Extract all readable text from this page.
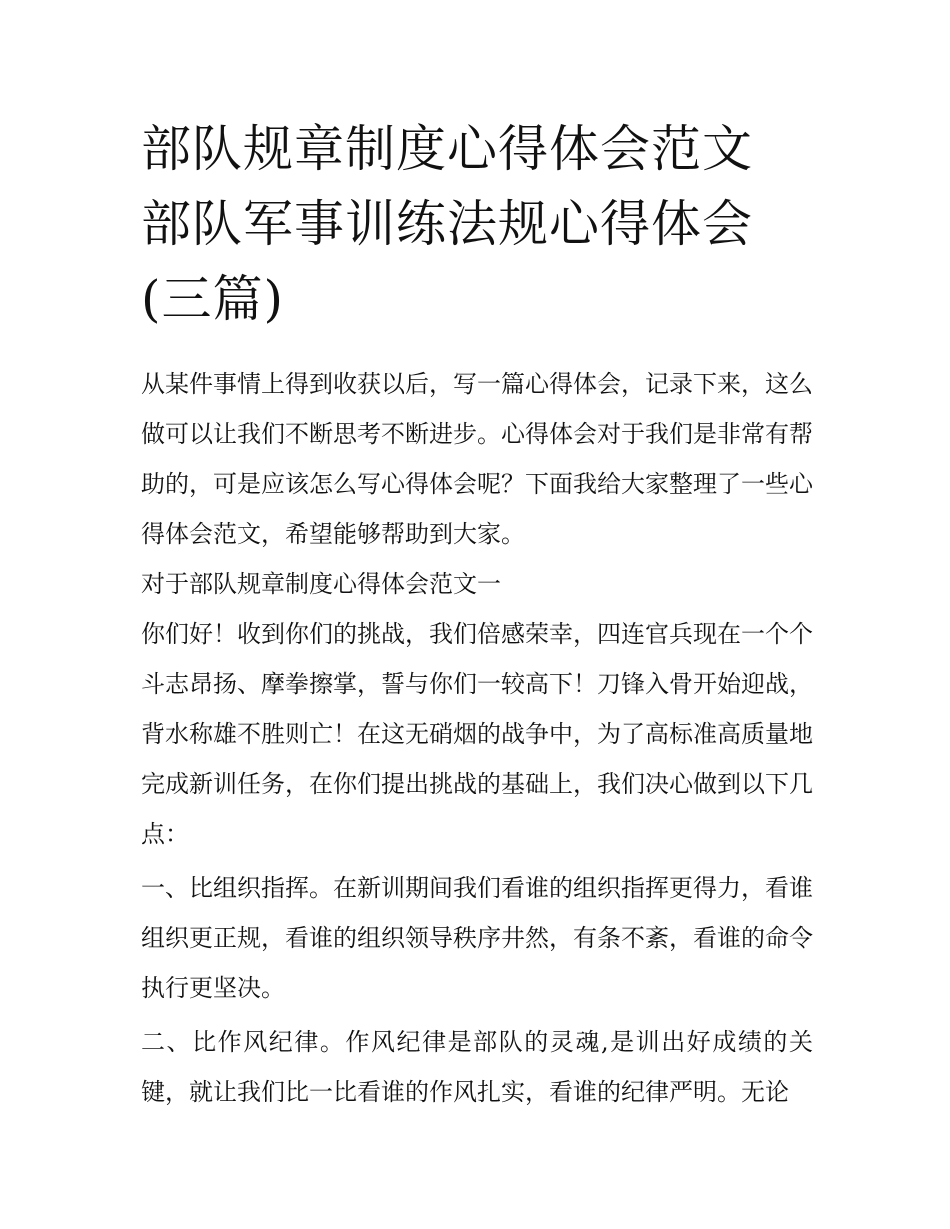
部队规章制度心得体会范文 部队军事训练法规心得体会(三篇)

从某件事情上得到收获以后，写一篇心得体会，记录下来，这么做可以让我们不断思考不断进步。心得体会对于我们是非常有帮助的，可是应该怎么写心得体会呢？下面我给大家整理了一些心得体会范文，希望能够帮助到大家。

对于部队规章制度心得体会范文一

你们好！收到你们的挑战，我们倍感荣幸，四连官兵现在一个个斗志昂扬、摩拳擦掌，誓与你们一较高下！刀锋入骨开始迎战，背水称雄不胜则亡！在这无硝烟的战争中，为了高标准高质量地完成新训任务，在你们提出挑战的基础上，我们决心做到以下几点：

一、比组织指挥。在新训期间我们看谁的组织指挥更得力，看谁组织更正规，看谁的组织领导秩序井然，有条不紊，看谁的命令执行更坚决。

二、比作风纪律。作风纪律是部队的灵魂,是训出好成绩的关键，就让我们比一比看谁的作风扎实，看谁的纪律严明。无论
